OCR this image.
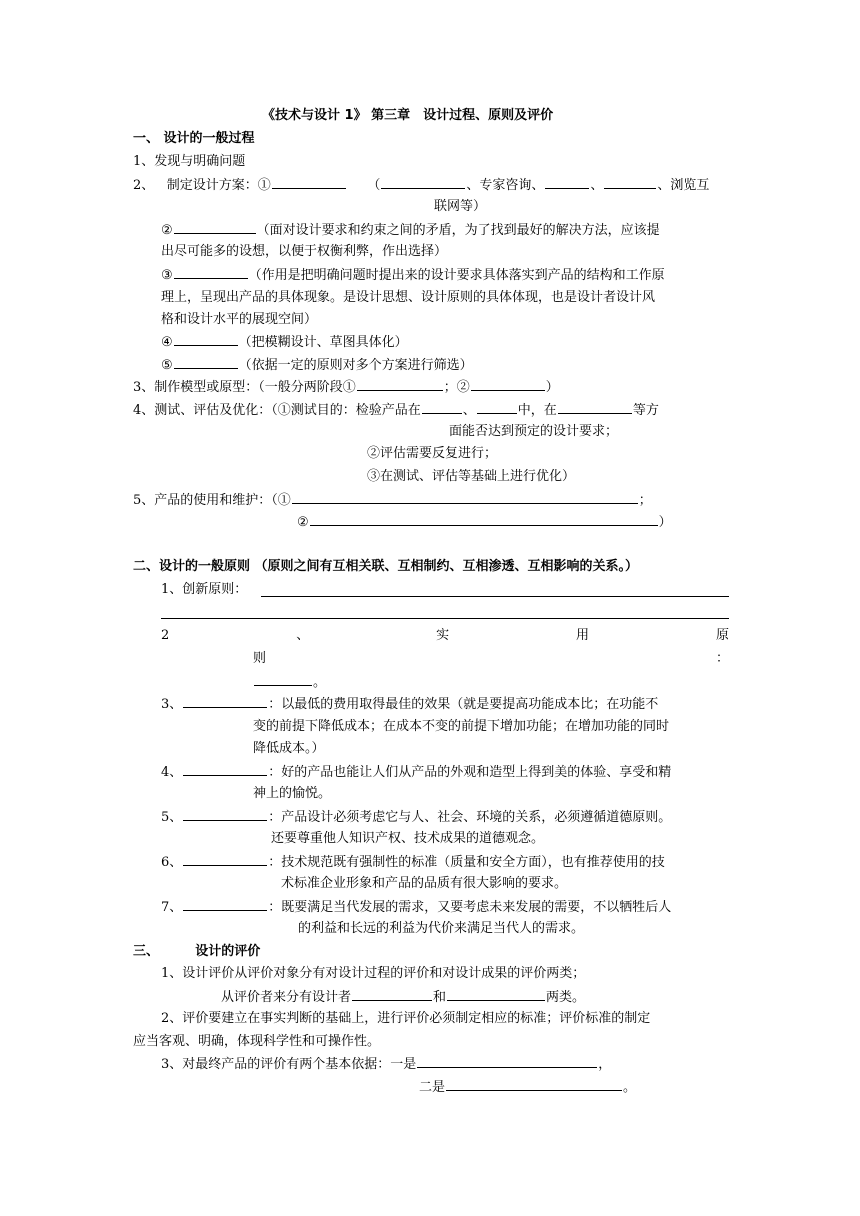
《技术与设计 1》 第三章　设计过程、原则及评价
一、 设计的一般过程
1、发现与明确问题
2、 制定设计方案：①	（	、专家咨询、	、	、浏览互
联网等）
②	（面对设计要求和约束之间的矛盾，为了找到最好的解决方法，应该提
出尽可能多的设想，以便于权衡利弊，作出选择）
③	（作用是把明确问题时提出来的设计要求具体落实到产品的结构和工作原
理上，呈现出产品的具体现象。是设计思想、设计原则的具体体现，也是设计者设计风
格和设计水平的展现空间）
④	（把模糊设计、草图具体化）
⑤	（依据一定的原则对多个方案进行筛选）
3、制作模型或原型：（一般分两阶段①	；②	）
4、测试、评估及优化：（①测试目的：检验产品在	、	中，在	等方
面能否达到预定的设计要求；
②评估需要反复进行；
③在测试、评估等基础上进行优化）
5、产品的使用和维护：（①	；
②	）
二、设计的一般原则 （原则之间有互相关联、互相制约、互相渗透、互相影响的关系。）
1、创新原则：
2	、	实	用	原
则	：
。
3、	：以最低的费用取得最佳的效果（就是要提高功能成本比；在功能不
变的前提下降低成本；在成本不变的前提下增加功能；在增加功能的同时
降低成本。）
4、	：好的产品也能让人们从产品的外观和造型上得到美的体验、享受和精
神上的愉悦。
5、	：产品设计必须考虑它与人、社会、环境的关系，必须遵循道德原则。
还要尊重他人知识产权、技术成果的道德观念。
6、	：技术规范既有强制性的标准（质量和安全方面），也有推荐使用的技
术标准企业形象和产品的品质有很大影响的要求。
7、	：既要满足当代发展的需求，又要考虑未来发展的需要，不以牺牲后人
的利益和长远的利益为代价来满足当代人的需求。
三、	设计的评价
1、设计评价从评价对象分有对设计过程的评价和对设计成果的评价两类；
从评价者来分有设计者	和	两类。
2、评价要建立在事实判断的基础上，进行评价必须制定相应的标准；评价标准的制定
应当客观、明确，体现科学性和可操作性。
3、对最终产品的评价有两个基本依据：一是	，
二是	。
